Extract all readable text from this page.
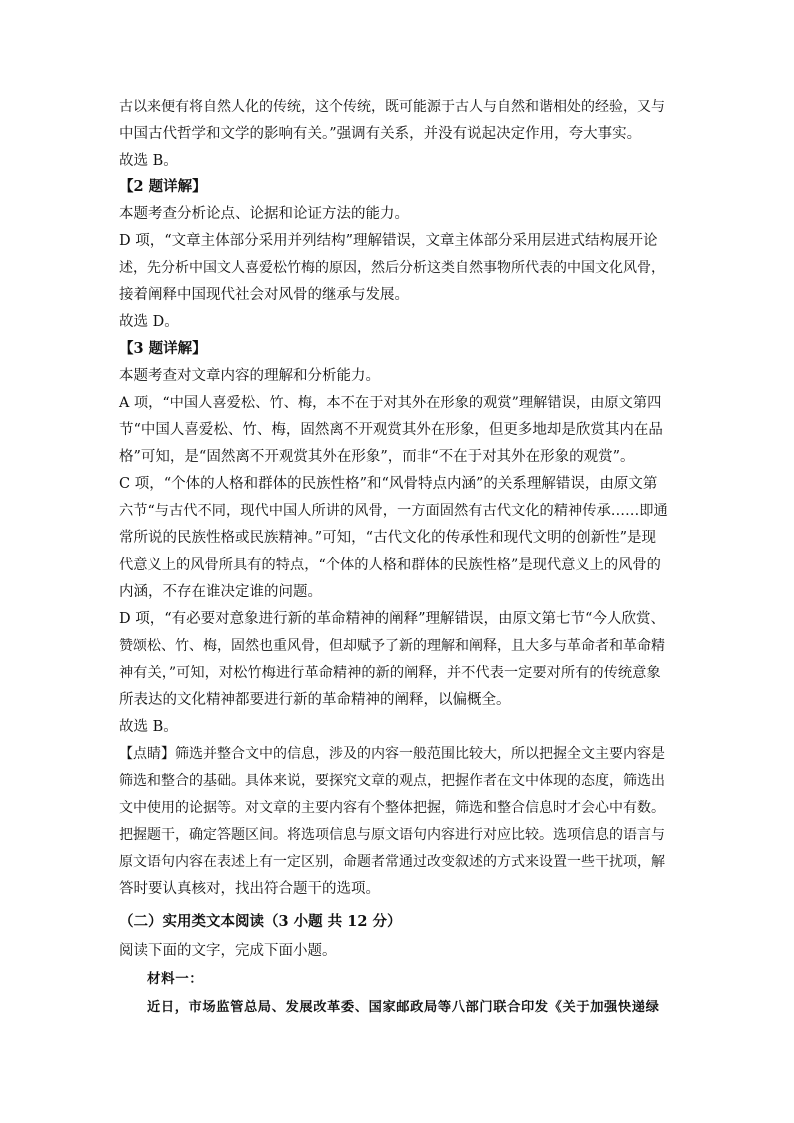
古以来便有将自然人化的传统，这个传统，既可能源于古人与自然和谐相处的经验，又与
中国古代哲学和文学的影响有关。”强调有关系，并没有说起决定作用，夸大事实。
故选 B。
【2 题详解】
本题考查分析论点、论据和论证方法的能力。
D 项，“文章主体部分采用并列结构”理解错误，文章主体部分采用层进式结构展开论
述，先分析中国文人喜爱松竹梅的原因，然后分析这类自然事物所代表的中国文化风骨，
接着阐释中国现代社会对风骨的继承与发展。
故选 D。
【3 题详解】
本题考查对文章内容的理解和分析能力。
A 项，“中国人喜爱松、竹、梅，本不在于对其外在形象的观赏”理解错误，由原文第四
节“中国人喜爱松、竹、梅，固然离不开观赏其外在形象，但更多地却是欣赏其内在品
格”可知，是“固然离不开观赏其外在形象”，而非“不在于对其外在形象的观赏”。
C 项，“个体的人格和群体的民族性格”和“风骨特点内涵”的关系理解错误，由原文第
六节“与古代不同，现代中国人所讲的风骨，一方面固然有古代文化的精神传承……即通
常所说的民族性格或民族精神。”可知，“古代文化的传承性和现代文明的创新性”是现
代意义上的风骨所具有的特点，“个体的人格和群体的民族性格”是现代意义上的风骨的
内涵，不存在谁决定谁的问题。
D 项，“有必要对意象进行新的革命精神的阐释”理解错误，由原文第七节“今人欣赏、
赞颂松、竹、梅，固然也重风骨，但却赋予了新的理解和阐释，且大多与革命者和革命精
神有关，”可知，对松竹梅进行革命精神的新的阐释，并不代表一定要对所有的传统意象
所表达的文化精神都要进行新的革命精神的阐释，以偏概全。
故选 B。
【点睛】筛选并整合文中的信息，涉及的内容一般范围比较大，所以把握全文主要内容是
筛选和整合的基础。具体来说，要探究文章的观点，把握作者在文中体现的态度，筛选出
文中使用的论据等。对文章的主要内容有个整体把握，筛选和整合信息时才会心中有数。
把握题干，确定答题区间。将选项信息与原文语句内容进行对应比较。选项信息的语言与
原文语句内容在表述上有一定区别，命题者常通过改变叙述的方式来设置一些干扰项，解
答时要认真核对，找出符合题干的选项。
（二）实用类文本阅读（3 小题 共 12 分）
阅读下面的文字，完成下面小题。
材料一：
近日，市场监管总局、发展改革委、国家邮政局等八部门联合印发《关于加强快递绿
